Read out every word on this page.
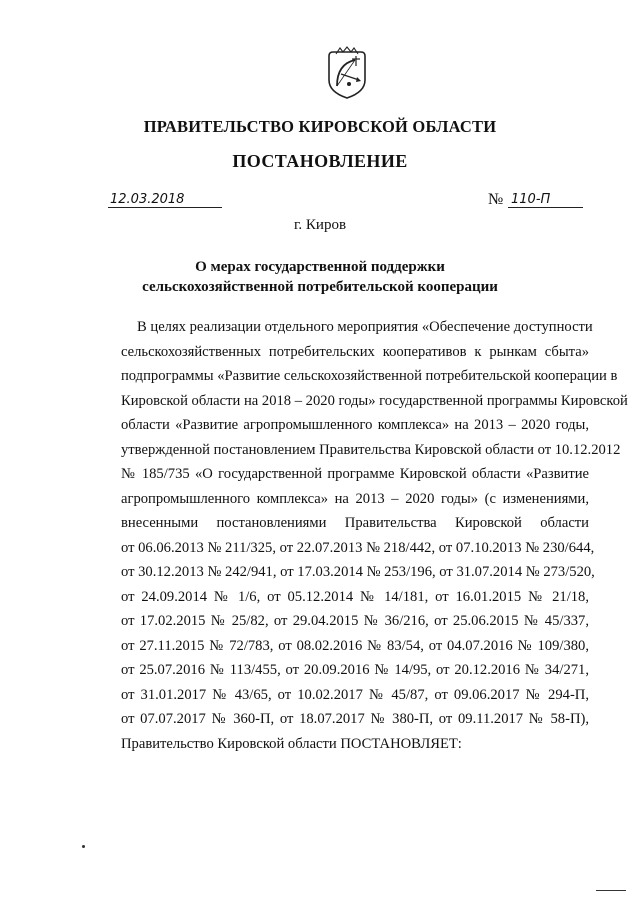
ПРАВИТЕЛЬСТВО КИРОВСКОЙ ОБЛАСТИ
ПОСТАНОВЛЕНИЕ
12.03.2018	№ 110-П
г. Киров
О мерах государственной поддержки
сельскохозяйственной потребительской кооперации
В целях реализации отдельного мероприятия «Обеспечение доступности
сельскохозяйственных потребительских кооперативов к рынкам сбыта»
подпрограммы «Развитие сельскохозяйственной потребительской кооперации в
Кировской области на 2018 – 2020 годы» государственной программы Кировской
области «Развитие агропромышленного комплекса» на 2013 – 2020 годы,
утвержденной постановлением Правительства Кировской области от 10.12.2012
№ 185/735 «О государственной программе Кировской области «Развитие
агропромышленного комплекса» на 2013 – 2020 годы» (с изменениями,
внесенными постановлениями Правительства Кировской области
от 06.06.2013 № 211/325, от 22.07.2013 № 218/442, от 07.10.2013 № 230/644,
от 30.12.2013 № 242/941, от 17.03.2014 № 253/196, от 31.07.2014 № 273/520,
от 24.09.2014 № 1/6, от 05.12.2014 № 14/181, от 16.01.2015 № 21/18,
от 17.02.2015 № 25/82, от 29.04.2015 № 36/216, от 25.06.2015 № 45/337,
от 27.11.2015 № 72/783, от 08.02.2016 № 83/54, от 04.07.2016 № 109/380,
от 25.07.2016 № 113/455, от 20.09.2016 № 14/95, от 20.12.2016 № 34/271,
от 31.01.2017 № 43/65, от 10.02.2017 № 45/87, от 09.06.2017 № 294-П,
от 07.07.2017 № 360-П, от 18.07.2017 № 380-П, от 09.11.2017 № 58-П),
Правительство Кировской области ПОСТАНОВЛЯЕТ:
